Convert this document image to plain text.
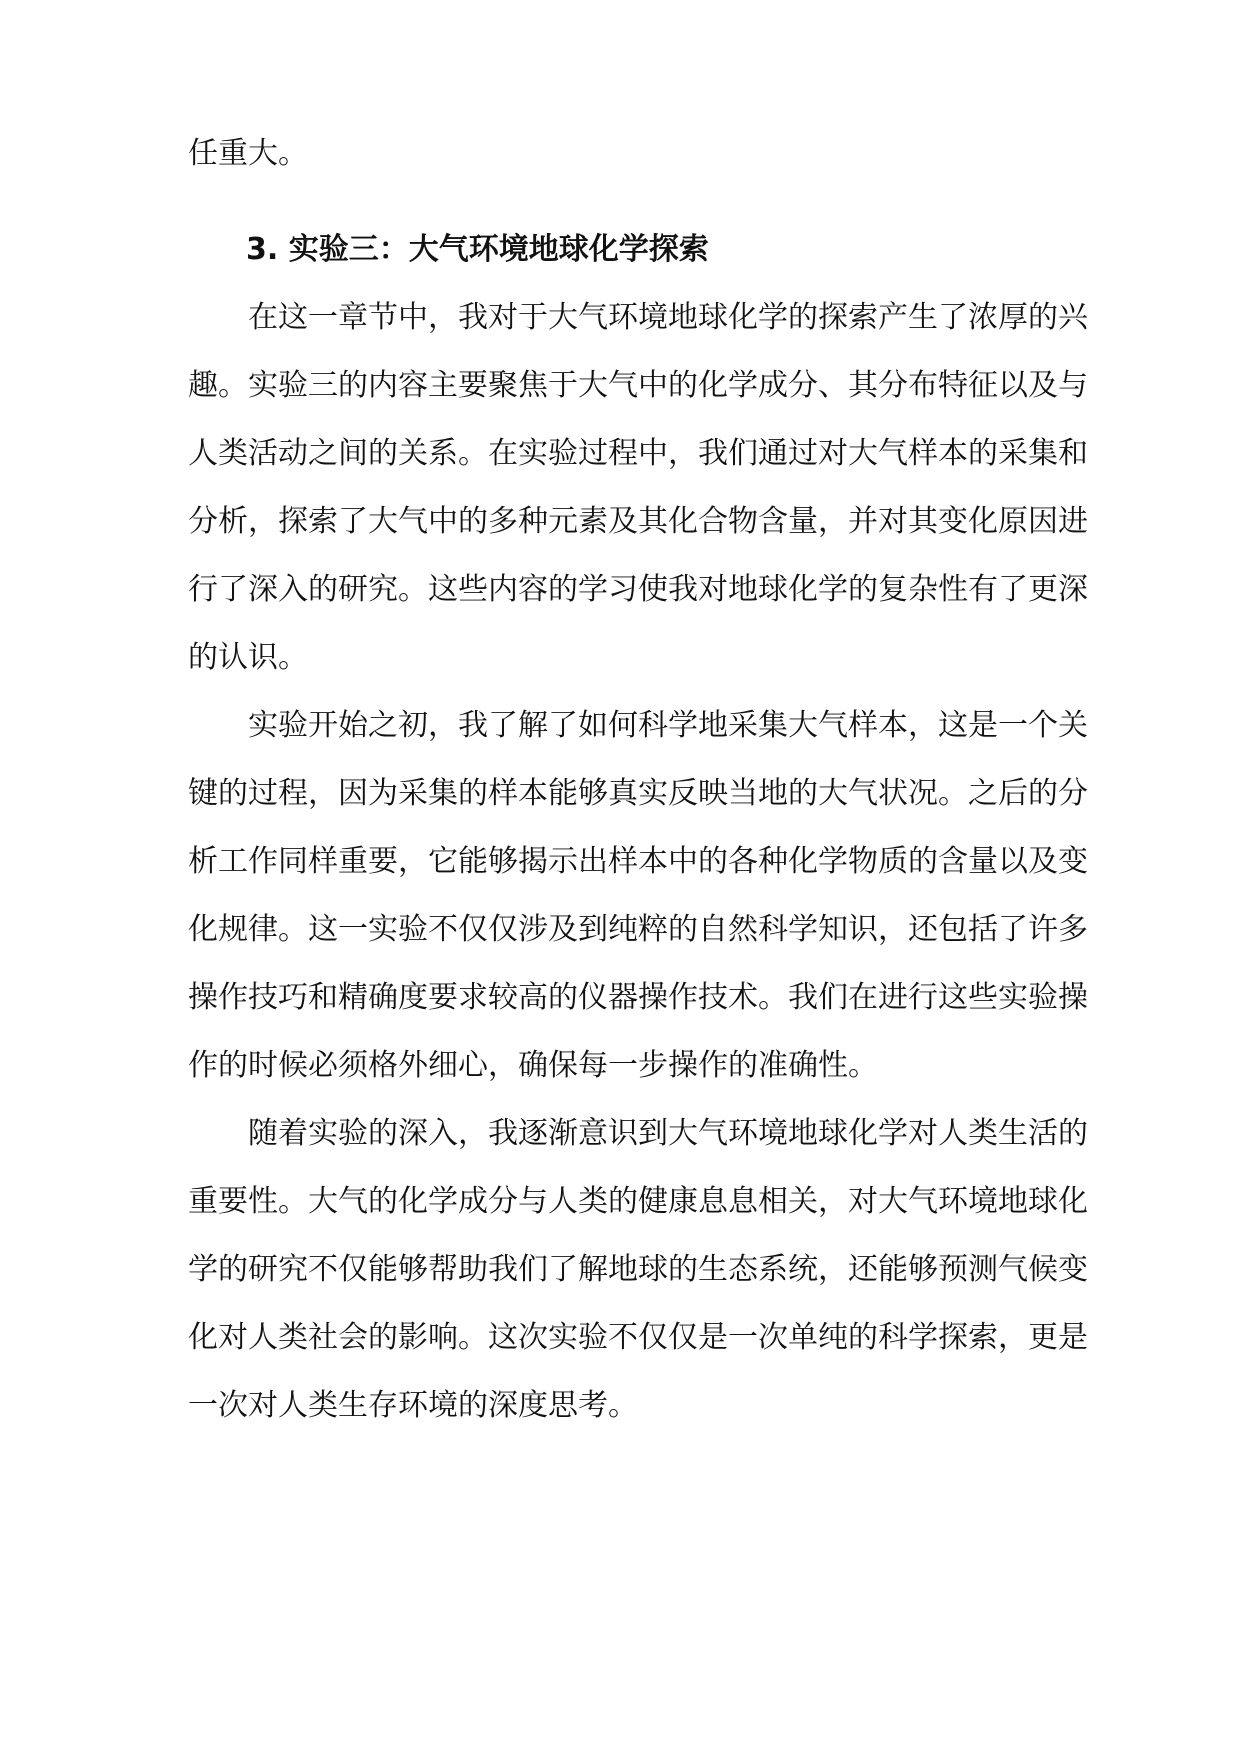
任重大。
3. 实验三：大气环境地球化学探索
在这一章节中，我对于大气环境地球化学的探索产生了浓厚的兴
趣。实验三的内容主要聚焦于大气中的化学成分、其分布特征以及与
人类活动之间的关系。在实验过程中，我们通过对大气样本的采集和
分析，探索了大气中的多种元素及其化合物含量，并对其变化原因进
行了深入的研究。这些内容的学习使我对地球化学的复杂性有了更深
的认识。
实验开始之初，我了解了如何科学地采集大气样本，这是一个关
键的过程，因为采集的样本能够真实反映当地的大气状况。之后的分
析工作同样重要，它能够揭示出样本中的各种化学物质的含量以及变
化规律。这一实验不仅仅涉及到纯粹的自然科学知识，还包括了许多
操作技巧和精确度要求较高的仪器操作技术。我们在进行这些实验操
作的时候必须格外细心，确保每一步操作的准确性。
随着实验的深入，我逐渐意识到大气环境地球化学对人类生活的
重要性。大气的化学成分与人类的健康息息相关，对大气环境地球化
学的研究不仅能够帮助我们了解地球的生态系统，还能够预测气候变
化对人类社会的影响。这次实验不仅仅是一次单纯的科学探索，更是
一次对人类生存环境的深度思考。
